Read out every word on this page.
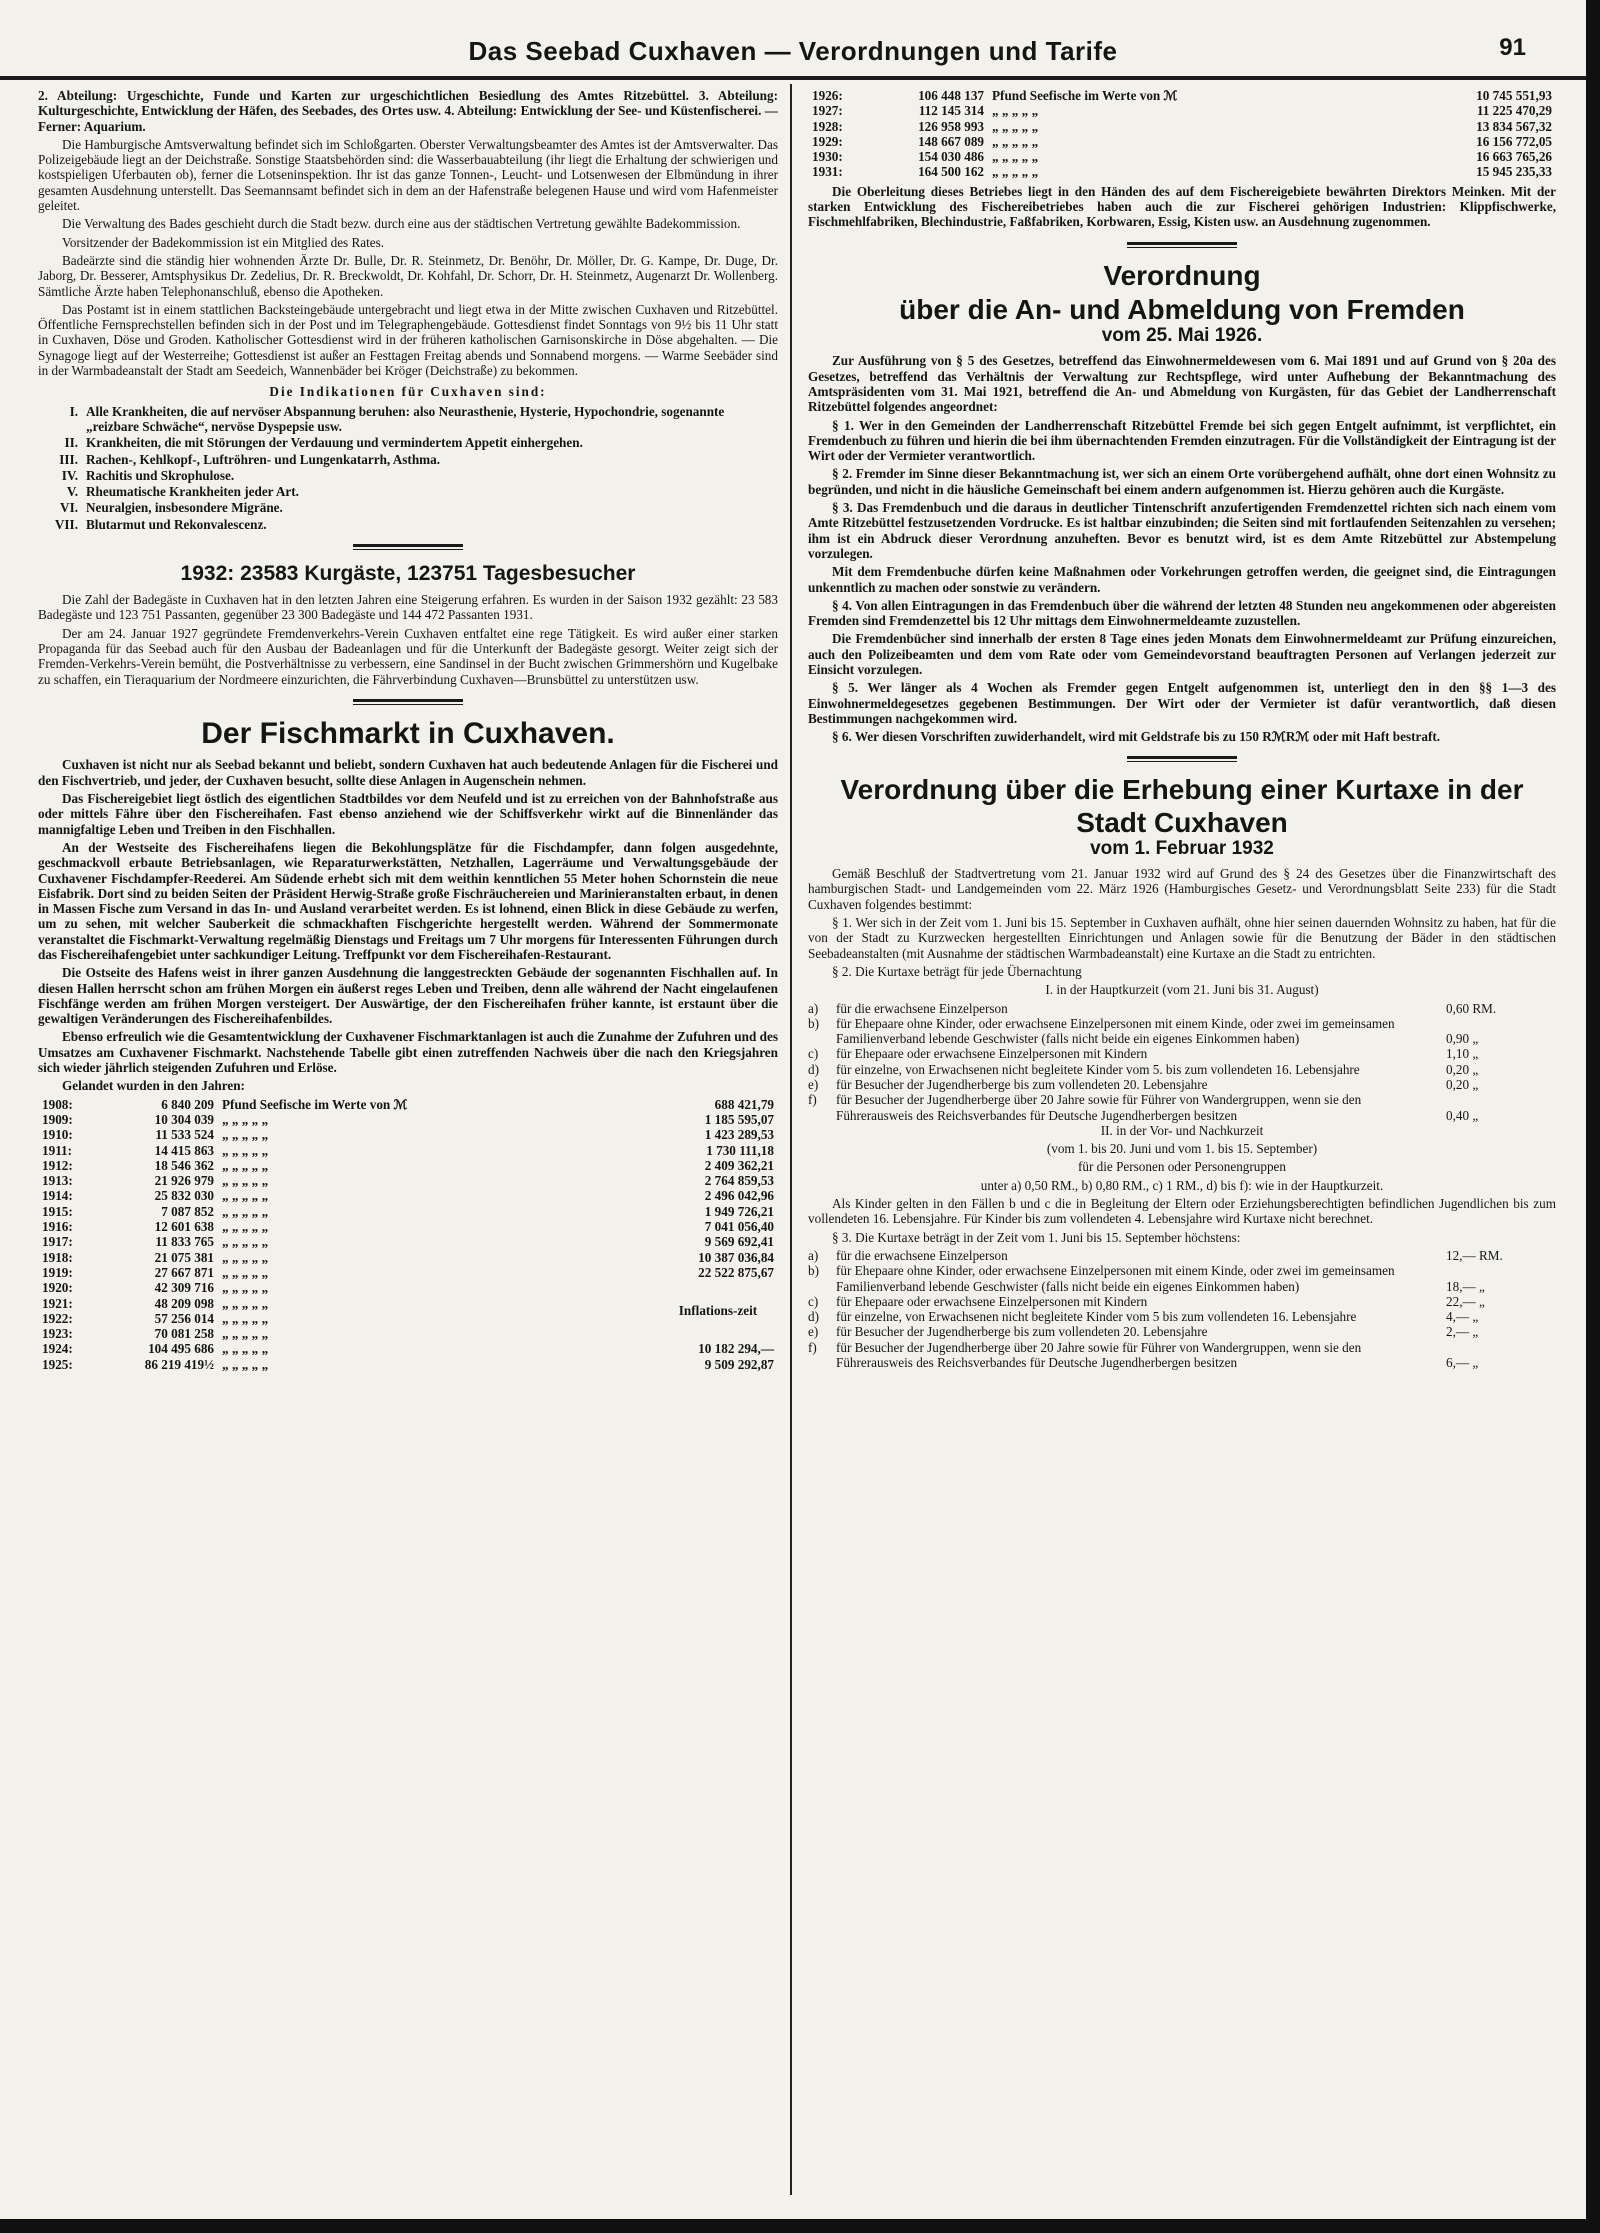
Das Seebad Cuxhaven — Verordnungen und Tarife	91

2. Abteilung: Urgeschichte, Funde und Karten zur urgeschichtlichen Besiedlung des Amtes Ritzebüttel. 3. Abteilung: Kulturgeschichte, Entwicklung der Häfen, des Seebades, des Ortes usw. 4. Abteilung: Entwicklung der See- und Küstenfischerei. — Ferner: Aquarium.

Die Hamburgische Amtsverwaltung befindet sich im Schloßgarten. Oberster Verwaltungsbeamter des Amtes ist der Amtsverwalter. Das Polizeigebäude liegt an der Deichstraße. Sonstige Staatsbehörden sind: die Wasserbauabteilung (ihr liegt die Erhaltung der schwierigen und kostspieligen Uferbauten ob), ferner die Lotseninspektion. Ihr ist das ganze Tonnen-, Leucht- und Lotsenwesen der Elbmündung in ihrer gesamten Ausdehnung unterstellt. Das Seemannsamt befindet sich in dem an der Hafenstraße belegenen Hause und wird vom Hafenmeister geleitet.

Die Verwaltung des Bades geschieht durch die Stadt bezw. durch eine aus der städtischen Vertretung gewählte Badekommission.

Vorsitzender der Badekommission ist ein Mitglied des Rates.

Badeärzte sind die ständig hier wohnenden Ärzte Dr. Bulle, Dr. R. Steinmetz, Dr. Benöhr, Dr. Möller, Dr. G. Kampe, Dr. Duge, Dr. Jaborg, Dr. Besserer, Amtsphysikus Dr. Zedelius, Dr. R. Breckwoldt, Dr. Kohfahl, Dr. Schorr, Dr. H. Steinmetz, Augenarzt Dr. Wollenberg. Sämtliche Ärzte haben Telephonanschluß, ebenso die Apotheken.

Das Postamt ist in einem stattlichen Backsteingebäude untergebracht und liegt etwa in der Mitte zwischen Cuxhaven und Ritzebüttel. Öffentliche Fernsprechstellen befinden sich in der Post und im Telegraphengebäude. Gottesdienst findet Sonntags von 9½ bis 11 Uhr statt in Cuxhaven, Döse und Groden. Katholischer Gottesdienst wird in der früheren katholischen Garnisonskirche in Döse abgehalten. — Die Synagoge liegt auf der Westerreihe; Gottesdienst ist außer an Festtagen Freitag abends und Sonnabend morgens. — Warme Seebäder sind in der Warmbadeanstalt der Stadt am Seedeich, Wannenbäder bei Kröger (Deichstraße) zu bekommen.

Die Indikationen für Cuxhaven sind:
I. Alle Krankheiten, die auf nervöser Abspannung beruhen: also Neurasthenie, Hysterie, Hypochondrie, sogenannte „reizbare Schwäche“, nervöse Dyspepsie usw.
II. Krankheiten, die mit Störungen der Verdauung und vermindertem Appetit einhergehen.
III. Rachen-, Kehlkopf-, Luftröhren- und Lungenkatarrh, Asthma.
IV. Rachitis und Skrophulose.
V. Rheumatische Krankheiten jeder Art.
VI. Neuralgien, insbesondere Migräne.
VII. Blutarmut und Rekonvalescenz.
1932: 23583 Kurgäste, 123751 Tagesbesucher

Die Zahl der Badegäste in Cuxhaven hat in den letzten Jahren eine Steigerung erfahren. Es wurden in der Saison 1932 gezählt: 23 583 Badegäste und 123 751 Passanten, gegenüber 23 300 Badegäste und 144 472 Passanten 1931.

Der am 24. Januar 1927 gegründete Fremdenverkehrs-Verein Cuxhaven entfaltet eine rege Tätigkeit. Es wird außer einer starken Propaganda für das Seebad auch für den Ausbau der Badeanlagen und für die Unterkunft der Badegäste gesorgt. Weiter zeigt sich der Fremden-Verkehrs-Verein bemüht, die Postverhältnisse zu verbessern, eine Sandinsel in der Bucht zwischen Grimmershörn und Kugelbake zu schaffen, ein Tieraquarium der Nordmeere einzurichten, die Fährverbindung Cuxhaven—Brunsbüttel zu unterstützen usw.

Der Fischmarkt in Cuxhaven.

Cuxhaven ist nicht nur als Seebad bekannt und beliebt, sondern Cuxhaven hat auch bedeutende Anlagen für die Fischerei und den Fischvertrieb, und jeder, der Cuxhaven besucht, sollte diese Anlagen in Augenschein nehmen.

Das Fischereigebiet liegt östlich des eigentlichen Stadtbildes vor dem Neufeld und ist zu erreichen von der Bahnhofstraße aus oder mittels Fähre über den Fischereihafen. Fast ebenso anziehend wie der Schiffsverkehr wirkt auf die Binnenländer das mannigfaltige Leben und Treiben in den Fischhallen.

An der Westseite des Fischereihafens liegen die Bekohlungsplätze für die Fischdampfer, dann folgen ausgedehnte, geschmackvoll erbaute Betriebsanlagen, wie Reparaturwerkstätten, Netzhallen, Lagerräume und Verwaltungsgebäude der Cuxhavener Fischdampfer-Reederei. Am Südende erhebt sich mit dem weithin kenntlichen 55 Meter hohen Schornstein die neue Eisfabrik. Dort sind zu beiden Seiten der Präsident Herwig-Straße große Fischräuchereien und Marinieranstalten erbaut, in denen in Massen Fische zum Versand in das In- und Ausland verarbeitet werden. Es ist lohnend, einen Blick in diese Gebäude zu werfen, um zu sehen, mit welcher Sauberkeit die schmackhaften Fischgerichte hergestellt werden. Während der Sommermonate veranstaltet die Fischmarkt-Verwaltung regelmäßig Dienstags und Freitags um 7 Uhr morgens für Interessenten Führungen durch das Fischereihafengebiet unter sachkundiger Leitung. Treffpunkt vor dem Fischereihafen-Restaurant.

Die Ostseite des Hafens weist in ihrer ganzen Ausdehnung die langgestreckten Gebäude der sogenannten Fischhallen auf. In diesen Hallen herrscht schon am frühen Morgen ein äußerst reges Leben und Treiben, denn alle während der Nacht eingelaufenen Fischfänge werden am frühen Morgen versteigert. Der Auswärtige, der den Fischereihafen früher kannte, ist erstaunt über die gewaltigen Veränderungen des Fischereihafenbildes.

Ebenso erfreulich wie die Gesamtentwicklung der Cuxhavener Fischmarktanlagen ist auch die Zunahme der Zufuhren und des Umsatzes am Cuxhavener Fischmarkt. Nachstehende Tabelle gibt einen zutreffenden Nachweis über die nach den Kriegsjahren sich wieder jährlich steigenden Zufuhren und Erlöse.

Gelandet wurden in den Jahren:

1908:	6 840 209	Pfund Seefische im Werte von ℳ	688 421,79
1909:	10 304 039	„ „ „ „ „	1 185 595,07
1910:	11 533 524	„ „ „ „ „	1 423 289,53
1911:	14 415 863	„ „ „ „ „	1 730 111,18
1912:	18 546 362	„ „ „ „ „	2 409 362,21
1913:	21 926 979	„ „ „ „ „	2 764 859,53
1914:	25 832 030	„ „ „ „ „	2 496 042,96
1915:	7 087 852	„ „ „ „ „	1 949 726,21
1916:	12 601 638	„ „ „ „ „	7 041 056,40
1917:	11 833 765	„ „ „ „ „	9 569 692,41
1918:	21 075 381	„ „ „ „ „	10 387 036,84
1919:	27 667 871	„ „ „ „ „	22 522 875,67
1920:	42 309 716	„ „ „ „ „	Inflations-zeit

1921:	48 209 098	„ „ „ „ „	
1922:	57 256 014	„ „ „ „ „	
1923:	70 081 258	„ „ „ „ „	
1924:	104 495 686	„ „ „ „ „	10 182 294,—
1925:	86 219 419½	„ „ „ „ „	9 509 292,87
1926:	106 448 137	Pfund Seefische im Werte von ℳ	10 745 551,93
1927:	112 145 314	„ „ „ „ „	11 225 470,29
1928:	126 958 993	„ „ „ „ „	13 834 567,32
1929:	148 667 089	„ „ „ „ „	16 156 772,05
1930:	154 030 486	„ „ „ „ „	16 663 765,26
1931:	164 500 162	„ „ „ „ „	15 945 235,33

Die Oberleitung dieses Betriebes liegt in den Händen des auf dem Fischereigebiete bewährten Direktors Meinken. Mit der starken Entwicklung des Fischereibetriebes haben auch die zur Fischerei gehörigen Industrien: Klippfischwerke, Fischmehlfabriken, Blechindustrie, Faßfabriken, Korbwaren, Essig, Kisten usw. an Ausdehnung zugenommen.

Verordnung
über die An- und Abmeldung von Fremden
vom 25. Mai 1926.

Zur Ausführung von § 5 des Gesetzes, betreffend das Einwohnermeldewesen vom 6. Mai 1891 und auf Grund von § 20a des Gesetzes, betreffend das Verhältnis der Verwaltung zur Rechtspflege, wird unter Aufhebung der Bekanntmachung des Amtspräsidenten vom 31. Mai 1921, betreffend die An- und Abmeldung von Kurgästen, für das Gebiet der Landherrenschaft Ritzebüttel folgendes angeordnet:

§ 1. Wer in den Gemeinden der Landherrenschaft Ritzebüttel Fremde bei sich gegen Entgelt aufnimmt, ist verpflichtet, ein Fremdenbuch zu führen und hierin die bei ihm übernachtenden Fremden einzutragen. Für die Vollständigkeit der Eintragung ist der Wirt oder der Vermieter verantwortlich.

§ 2. Fremder im Sinne dieser Bekanntmachung ist, wer sich an einem Orte vorübergehend aufhält, ohne dort einen Wohnsitz zu begründen, und nicht in die häusliche Gemeinschaft bei einem andern aufgenommen ist. Hierzu gehören auch die Kurgäste.

§ 3. Das Fremdenbuch und die daraus in deutlicher Tintenschrift anzufertigenden Fremdenzettel richten sich nach einem vom Amte Ritzebüttel festzusetzenden Vordrucke. Es ist haltbar einzubinden; die Seiten sind mit fortlaufenden Seitenzahlen zu versehen; ihm ist ein Abdruck dieser Verordnung anzuheften. Bevor es benutzt wird, ist es dem Amte Ritzebüttel zur Abstempelung vorzulegen.

Mit dem Fremdenbuche dürfen keine Maßnahmen oder Vorkehrungen getroffen werden, die geeignet sind, die Eintragungen unkenntlich zu machen oder sonstwie zu verändern.

§ 4. Von allen Eintragungen in das Fremdenbuch über die während der letzten 48 Stunden neu angekommenen oder abgereisten Fremden sind Fremdenzettel bis 12 Uhr mittags dem Einwohnermeldeamte zuzustellen.

Die Fremdenbücher sind innerhalb der ersten 8 Tage eines jeden Monats dem Einwohnermeldeamt zur Prüfung einzureichen, auch den Polizeibeamten und dem vom Rate oder vom Gemeindevorstand beauftragten Personen auf Verlangen jederzeit zur Einsicht vorzulegen.

§ 5. Wer länger als 4 Wochen als Fremder gegen Entgelt aufgenommen ist, unterliegt den in den §§ 1—3 des Einwohnermeldegesetzes gegebenen Bestimmungen. Der Wirt oder der Vermieter ist dafür verantwortlich, daß diesen Bestimmungen nachgekommen wird.

§ 6. Wer diesen Vorschriften zuwiderhandelt, wird mit Geldstrafe bis zu 150 RℳRℳ oder mit Haft bestraft.

Verordnung über die Erhebung einer Kurtaxe in der Stadt Cuxhaven
vom 1. Februar 1932

Gemäß Beschluß der Stadtvertretung vom 21. Januar 1932 wird auf Grund des § 24 des Gesetzes über die Finanzwirtschaft des hamburgischen Stadt- und Landgemeinden vom 22. März 1926 (Hamburgisches Gesetz- und Verordnungsblatt Seite 233) für die Stadt Cuxhaven folgendes bestimmt:

§ 1. Wer sich in der Zeit vom 1. Juni bis 15. September in Cuxhaven aufhält, ohne hier seinen dauernden Wohnsitz zu haben, hat für die von der Stadt zu Kurzwecken hergestellten Einrichtungen und Anlagen sowie für die Benutzung der Bäder in den städtischen Seebadeanstalten (mit Ausnahme der städtischen Warmbadeanstalt) eine Kurtaxe an die Stadt zu entrichten.

§ 2. Die Kurtaxe beträgt für jede Übernachtung

I. in der Hauptkurzeit (vom 21. Juni bis 31. August)

a)	für die erwachsene Einzelperson	0,60 RM.
b)	für Ehepaare ohne Kinder, oder erwachsene Einzelpersonen mit einem Kinde, oder zwei im gemeinsamen Familienverband lebende Geschwister (falls nicht beide ein eigenes Einkommen haben)	0,90 „
c)	für Ehepaare oder erwachsene Einzelpersonen mit Kindern	1,10 „
d)	für einzelne, von Erwachsenen nicht begleitete Kinder vom 5. bis zum vollendeten 16. Lebensjahre	0,20 „
e)	für Besucher der Jugendherberge bis zum vollendeten 20. Lebensjahre	0,20 „
f)	für Besucher der Jugendherberge über 20 Jahre sowie für Führer von Wandergruppen, wenn sie den Führerausweis des Reichsverbandes für Deutsche Jugendherbergen besitzen	0,40 „

II. in der Vor- und Nachkurzeit

(vom 1. bis 20. Juni und vom 1. bis 15. September)

für die Personen oder Personengruppen

unter a) 0,50 RM., b) 0,80 RM., c) 1 RM., d) bis f): wie in der Hauptkurzeit.

Als Kinder gelten in den Fällen b und c die in Begleitung der Eltern oder Erziehungsberechtigten befindlichen Jugendlichen bis zum vollendeten 16. Lebensjahre. Für Kinder bis zum vollendeten 4. Lebensjahre wird Kurtaxe nicht berechnet.

§ 3. Die Kurtaxe beträgt in der Zeit vom 1. Juni bis 15. September höchstens:

a)	für die erwachsene Einzelperson	12,— RM.
b)	für Ehepaare ohne Kinder, oder erwachsene Einzelpersonen mit einem Kinde, oder zwei im gemeinsamen Familienverband lebende Geschwister (falls nicht beide ein eigenes Einkommen haben)	18,— „
c)	für Ehepaare oder erwachsene Einzelpersonen mit Kindern	22,— „
d)	für einzelne, von Erwachsenen nicht begleitete Kinder vom 5 bis zum vollendeten 16. Lebensjahre	4,— „
e)	für Besucher der Jugendherberge bis zum vollendeten 20. Lebensjahre	2,— „
f)	für Besucher der Jugendherberge über 20 Jahre sowie für Führer von Wandergruppen, wenn sie den Führerausweis des Reichsverbandes für Deutsche Jugendherbergen besitzen	6,— „
